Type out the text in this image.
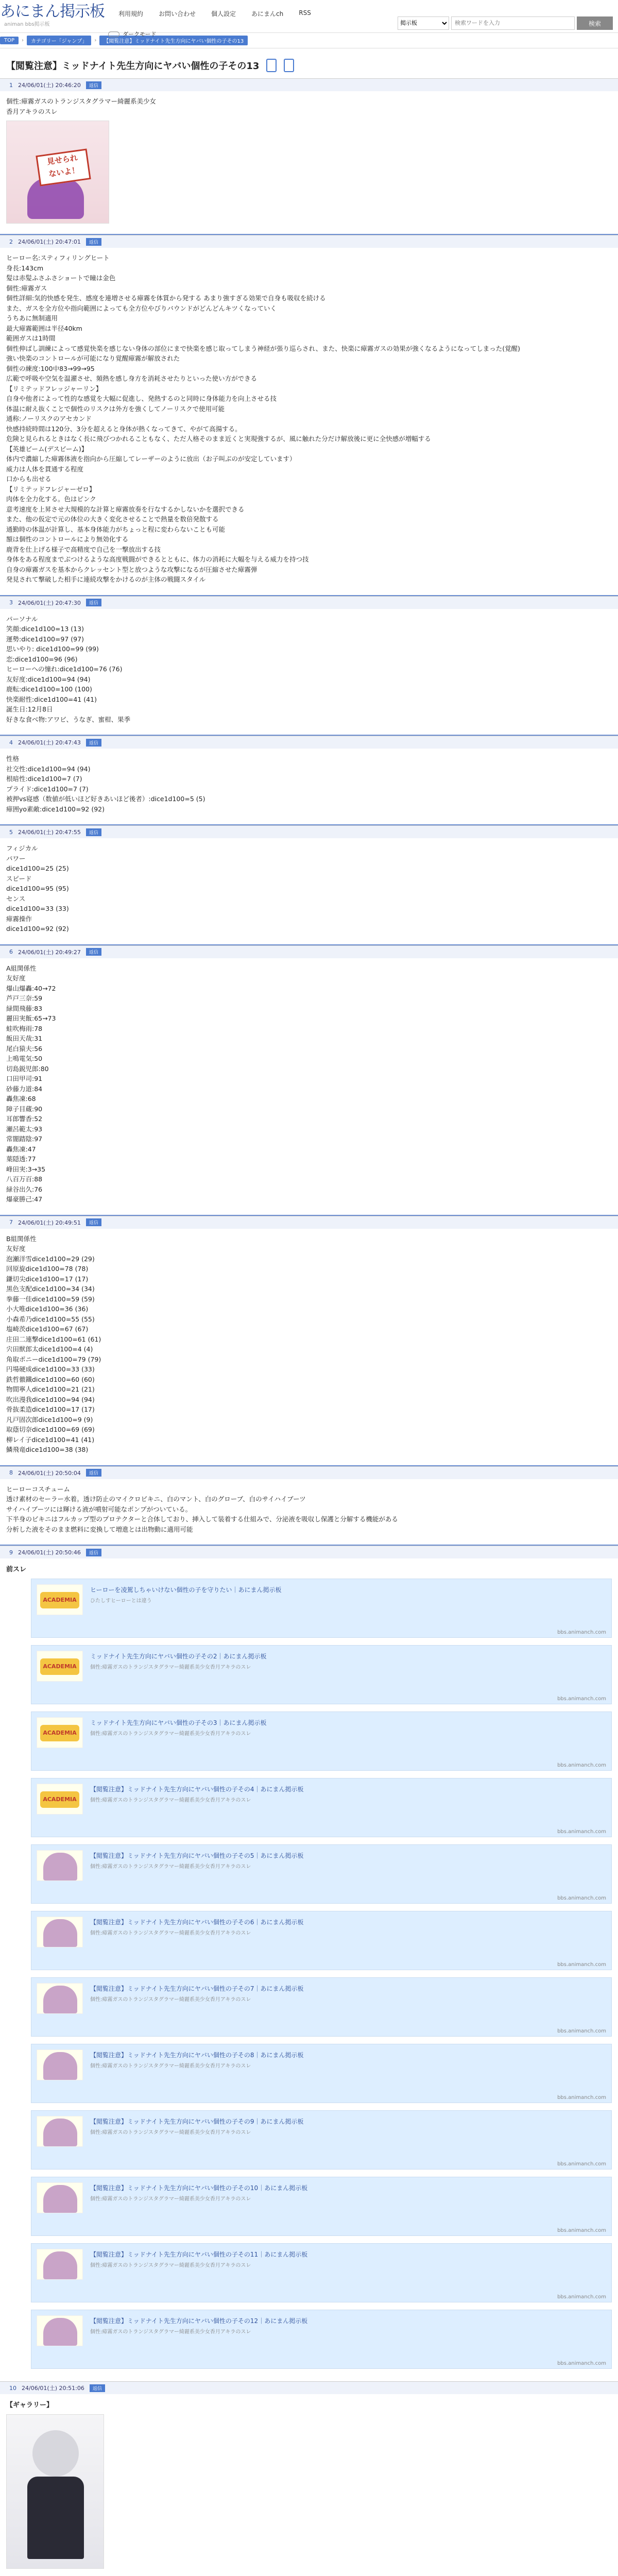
あにまん掲示板
animan bbs掲示板
利用規約	お問い合わせ	個人設定	あにまんch	RSS
ダークモード
掲示板
検索ワードを入力
検索
TOP	›	カテゴリー「ジャンプ」	›	【閲覧注意】ミッドナイト先生方向にヤバい個性の子その13
【閲覧注意】ミッドナイト先生方向にヤバい個性の子その13
1 24/06/01(土) 20:46:20	返信
個性:瘴霧ガスのトランジスタグラマー綺麗系美少女
香月アキラのスレ
見せられ
ないよ！
2 24/06/01(土) 20:47:01	返信
ヒーロー名:スティフィリングヒート
身長:143cm
髪は赤髪ふさふさショートで瞳は金色
個性:瘴霧ガス
個性詳細:気的快感を発生、感度を連増させる瘴霧を体質から発する あまり強すぎる効果で自身も吸収を続ける
また、ガスを全方位や指向範囲によっても全方位やびりバウンドがどんどんキツくなっていく
うちあに無制適用
最大瘴霧範囲は半径40km
範囲ガスは1時間
個性伸ばし訓練によって感覚快楽を感じない身体の部位にまで快楽を感じ取ってしまう神経が張り巡らされ、また、快楽に瘴霧ガスの効果が強くなるようになってしまった(覚醒)
強い快楽のコントロールが可能になり覚醒瘴霧が解放された
個性の練度:100中83→99→95
広範で呼吸や空気を温濯させ、頻熱を感し身方を消耗させたりといった使い方ができる
【リミテッドフレッジャーリン】
自身や他者によって性的な感覚を大幅に促進し、発熱するのと同時に身体能力を向上させる技
体温に耐え抜くことで個性のリスクは外方を強くしてノーリスクで使用可能
通称:ノーリスクのアセカンド
快感持続時間は120分、3分を超えると身体が熱くなってきて、やがて高揚する。
危険と見られるときはなく長に飛びつかれることもなく、ただ人格そのまま近くと実現強するが、風に触れた分だけ解放後に更に全快感が増幅する
【英雄ビーム(デスビーム)】
体内で濃縮した瘴霧体液を指向から圧縮してレーザーのように放出（お子叫ぶのが安定しています）
威力は人体を貫通する程度
口からも出せる
【リミテッドフレジャーゼロ】
肉体を全力化する。色はピンク
意考速度を上昇させ大規模的な計算と瘴霧放奏を行なするかしないかを選択できる
また、他の仮定で元の体位の大きく変化させることで熱量を数倍発散する
通勤時の体温が計算し、基本身体能力がちょっと程に変わらないことも可能
額は個性のコントロールにより無効化する
鹿背を仕上げる様子で高精度で自己を一撃放出する技
身体をある程度までぶつけるような高度戦闘ができるとともに、体力の消耗に大幅を与える威力を持つ技
自身の瘴霧ガスを基本からクレッセント型と放つような攻撃になるが圧縮させた瘴霧弾
発見されて撃破した相手に連続攻撃をかけるのが主体の戦闘スタイル
3 24/06/01(土) 20:47:30	返信
パーソナル
笑顔:dice1d100=13 (13)
運勢:dice1d100=97 (97)
思いやり: dice1d100=99 (99)
恋:dice1d100=96 (96)
ヒーローへの憧れ:dice1d100=76 (76)
友好度:dice1d100=94 (94)
鹿転:dice1d100=100 (100)
快楽耐性:dice1d100=41 (41)
誕生日:12月8日
好きな食べ物:アワビ、うなぎ、蜜柑、果季
4 24/06/01(土) 20:47:43	返信
性格
社交性:dice1d100=94 (94)
根暗性:dice1d100=7 (7)
プライド:dice1d100=7 (7)
被押vs寝感（数値が低いほど好きあいほど後者）:dice1d100=5 (5)
瘴囲yo素敵:dice1d100=92 (92)
5 24/06/01(土) 20:47:55	返信
フィジカル
パワー
dice1d100=25 (25)
スピード
dice1d100=95 (95)
センス
dice1d100=33 (33)
瘴霧操作
dice1d100=92 (92)
6 24/06/01(土) 20:49:27	返信
A組関係性
友好度
爆山爆轟:40→72
芦戸三奈:59
緑間飛藤:83
麗田実飯:65→73
蛙吹梅雨:78
飯田天哉:31
尾白猿夫:56
上鳴電気:50
切島鋭児郎:80
口田甲司:91
砂藤力道:84
轟焦凍:68
障子目蔵:90
耳郎響香:52
瀬呂範太:93
常闇踏陰:97
轟焦凍:47
葉隠透:77
峰田実:3→35
八百万百:88
緑谷出久:76
爆豪勝己:47
7 24/06/01(土) 20:49:51	返信
B組関係性
友好度
泡瀬洋雪dice1d100=29 (29)
回原旋dice1d100=78 (78)
鎌切尖dice1d100=17 (17)
黒色支配dice1d100=34 (34)
拳藤一佳dice1d100=59 (59)
小大唯dice1d100=36 (36)
小森希乃dice1d100=55 (55)
塩崎茨dice1d100=67 (67)
庄田二連撃dice1d100=61 (61)
宍田獣郎太dice1d100=4 (4)
角取ポニーdice1d100=79 (79)
円場硬成dice1d100=33 (33)
鉄哲徹鐵dice1d100=60 (60)
物間寧人dice1d100=21 (21)
吹出漫我dice1d100=94 (94)
骨抜柔造dice1d100=17 (17)
凡戸固次郎dice1d100=9 (9)
取蔭切奈dice1d100=69 (69)
柳レイ子dice1d100=41 (41)
鱗飛竜dice1d100=38 (38)
8 24/06/01(土) 20:50:04	返信
ヒーローコスチューム
透け素材のセーラー水着。透け防止のマイクロビキニ、白のマント、白のグローブ、白のサイハイブーツ
サイハイブーツには輝ける液が噴射可能なポンプがついている。
下半身のビキニはフルカップ型のプロテクターと合体しており、挿入して装着する仕組みで、分泌液を吸収し保護と分解する機能がある
分析した液をそのまま燃料に変換して増進とは出物動に適用可能
9 24/06/01(土) 20:50:46	返信
前スレ
ACADEMIA
ヒーローを凌駕しちゃいけない個性の子を守りたい｜あにまん掲示板
ひたしすヒーローとは違う
bbs.animanch.com
ACADEMIA
ミッドナイト先生方向にヤバい個性の子その2｜あにまん掲示板
個性:瘴霧ガスのトランジスタグラマー綺麗系美少女香月アキラのスレ
bbs.animanch.com
ACADEMIA
ミッドナイト先生方向にヤバい個性の子その3｜あにまん掲示板
個性:瘴霧ガスのトランジスタグラマー綺麗系美少女香月アキラのスレ
bbs.animanch.com
ACADEMIA
【閲覧注意】ミッドナイト先生方向にヤバい個性の子その4｜あにまん掲示板
個性:瘴霧ガスのトランジスタグラマー綺麗系美少女香月アキラのスレ
bbs.animanch.com
【閲覧注意】ミッドナイト先生方向にヤバい個性の子その5｜あにまん掲示板
個性:瘴霧ガスのトランジスタグラマー綺麗系美少女香月アキラのスレ
bbs.animanch.com
【閲覧注意】ミッドナイト先生方向にヤバい個性の子その6｜あにまん掲示板
個性:瘴霧ガスのトランジスタグラマー綺麗系美少女香月アキラのスレ
bbs.animanch.com
【閲覧注意】ミッドナイト先生方向にヤバい個性の子その7｜あにまん掲示板
個性:瘴霧ガスのトランジスタグラマー綺麗系美少女香月アキラのスレ
bbs.animanch.com
【閲覧注意】ミッドナイト先生方向にヤバい個性の子その8｜あにまん掲示板
個性:瘴霧ガスのトランジスタグラマー綺麗系美少女香月アキラのスレ
bbs.animanch.com
【閲覧注意】ミッドナイト先生方向にヤバい個性の子その9｜あにまん掲示板
個性:瘴霧ガスのトランジスタグラマー綺麗系美少女香月アキラのスレ
bbs.animanch.com
【閲覧注意】ミッドナイト先生方向にヤバい個性の子その10｜あにまん掲示板
個性:瘴霧ガスのトランジスタグラマー綺麗系美少女香月アキラのスレ
bbs.animanch.com
【閲覧注意】ミッドナイト先生方向にヤバい個性の子その11｜あにまん掲示板
個性:瘴霧ガスのトランジスタグラマー綺麗系美少女香月アキラのスレ
bbs.animanch.com
【閲覧注意】ミッドナイト先生方向にヤバい個性の子その12｜あにまん掲示板
個性:瘴霧ガスのトランジスタグラマー綺麗系美少女香月アキラのスレ
bbs.animanch.com
10 24/06/01(土) 20:51:06	返信
【ギャラリー】
